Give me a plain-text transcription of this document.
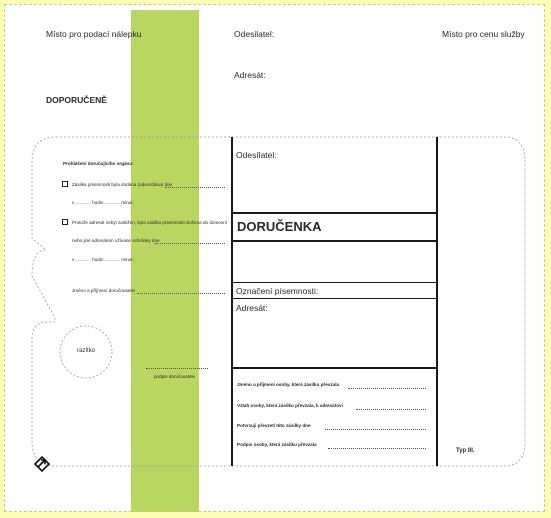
Místo pro podací nálepku	Odesilatel:	Místo pro cenu služby
Adresát:
DOPORUČENĚ
Prohlášení doručujícího orgánu:
Zásilka písemnosti byla dodána (odevzdána) dne
v ............ hodin ............ minut.
Protože adresát nebyl zastižen, byla zásilka písemnosti vložena do domovní
nebo jiné adresátem užívané schránky dne
v ............ hodin ............ minut.
Jméno a příjmení doručovatele
razítko
podpis doručovatele
Odesílatel:
DORUČENKA
Označení písemnosti:
Adresát:
Jméno a příjmení osoby, která zásilku převzala
Vztah osoby, která zásilku převzala, k adresátovi
Potvrzuji převzetí této zásilky dne
Podpis osoby, která zásilku převzala
Typ III.
